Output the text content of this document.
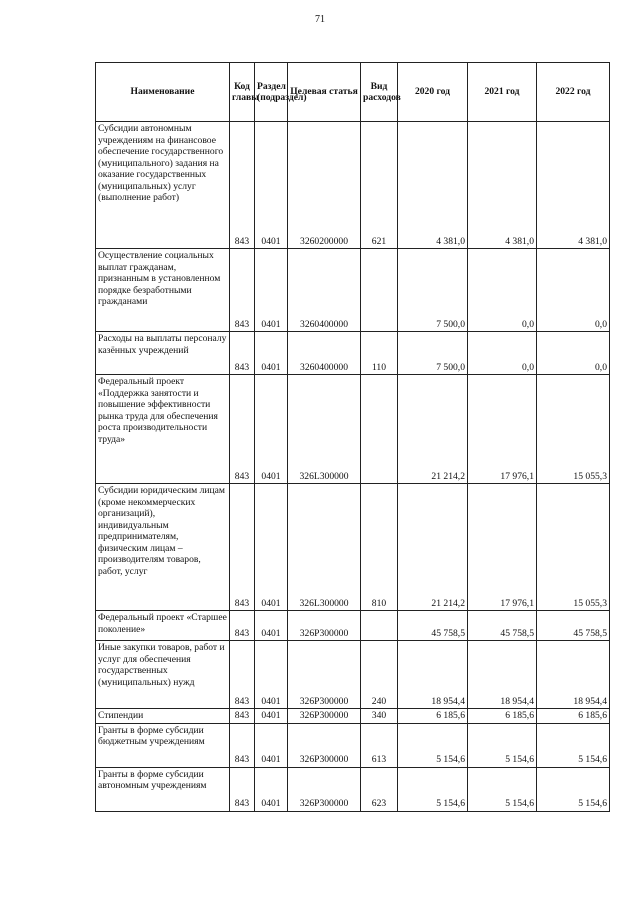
71
Наименование	Код главы	Раздел (подраздел)	Целевая статья	Вид расходов	2020 год	2021 год	2022 год
Субсидии автономным учреждениям на финансовое обеспечение государственного (муниципального) задания на оказание государственных (муниципальных) услуг (выполнение работ)	843	0401	3260200000	621	4 381,0	4 381,0	4 381,0
Осуществление социальных выплат гражданам, признанным в установленном порядке безработными гражданами	843	0401	3260400000		7 500,0	0,0	0,0
Расходы на выплаты персоналу казённых учреждений	843	0401	3260400000	110	7 500,0	0,0	0,0
Федеральный проект «Поддержка занятости и повышение эффективности рынка труда для обеспечения роста производительности труда»	843	0401	326L300000		21 214,2	17 976,1	15 055,3
Субсидии юридическим лицам (кроме некоммерческих организаций), индивидуальным предпринимателям, физическим лицам – производителям товаров, работ, услуг	843	0401	326L300000	810	21 214,2	17 976,1	15 055,3
Федеральный проект «Старшее поколение»	843	0401	326P300000		45 758,5	45 758,5	45 758,5
Иные закупки товаров, работ и услуг для обеспечения государственных (муниципальных) нужд	843	0401	326P300000	240	18 954,4	18 954,4	18 954,4
Стипендии	843	0401	326P300000	340	6 185,6	6 185,6	6 185,6
Гранты в форме субсидии бюджетным учреждениям	843	0401	326P300000	613	5 154,6	5 154,6	5 154,6
Гранты в форме субсидии автономным учреждениям	843	0401	326P300000	623	5 154,6	5 154,6	5 154,6
